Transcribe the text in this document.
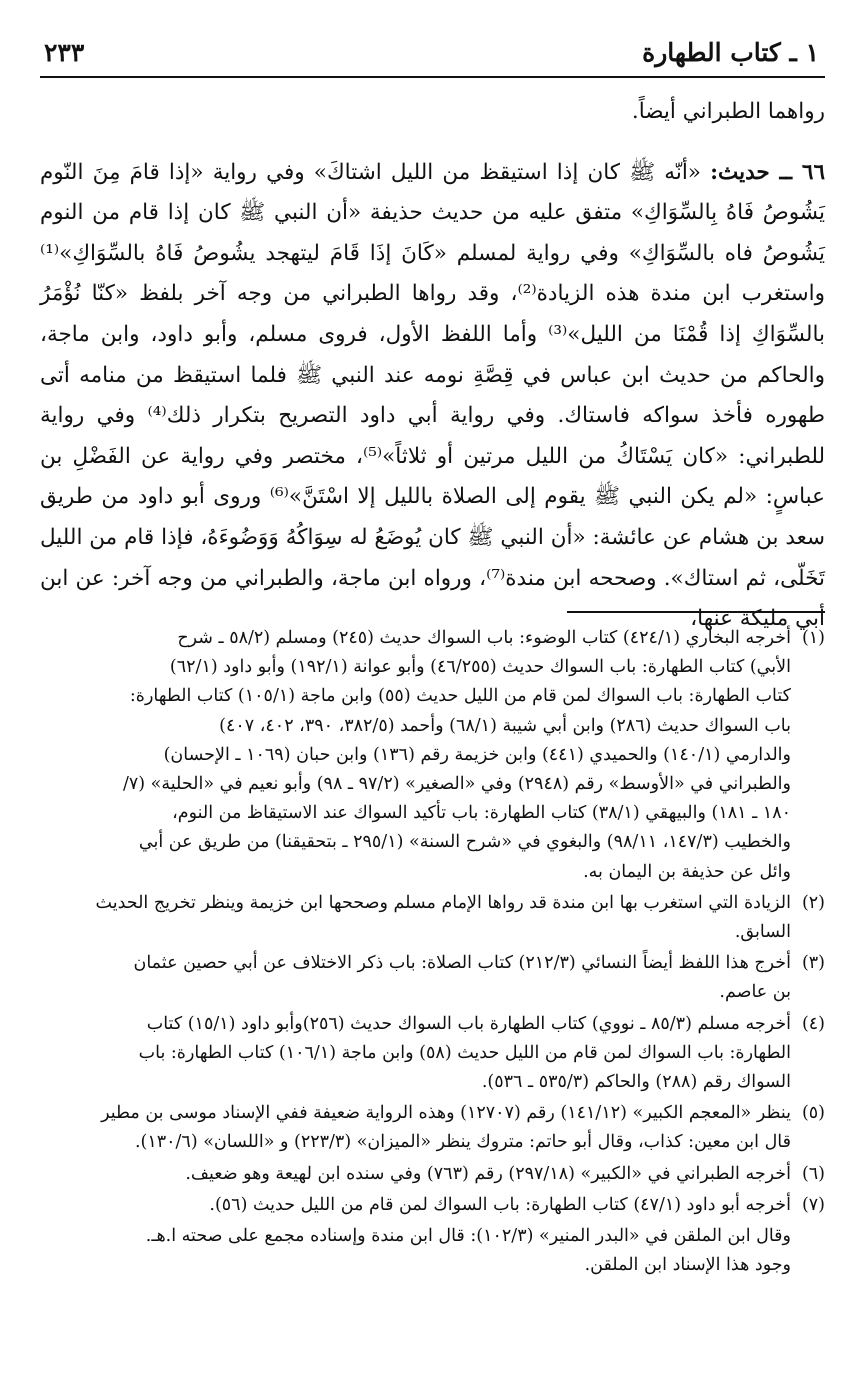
١ ـ كتاب الطهارة
٢٣٣

رواهما الطبراني أيضاً.

٦٦ ــ حديث: «أنّه ﷺ كان إذا استيقظ من الليل اشتاكَ» وفي رواية «إذا قامَ مِنَ النّوم يَشُوصُ فَاهُ بِالسِّوَاكِ» متفق عليه من حديث حذيفة «أن النبي ﷺ كان إذا قام من النوم يَشُوصُ فاه بالسِّوَاكِ» وفي رواية لمسلم «كَانَ إذَا قَامَ ليتهجد يشُوصُ فَاهُ بالسِّوَاكِ»⁽¹⁾ واستغرب ابن مندة هذه الزيادة⁽²⁾، وقد رواها الطبراني من وجه آخر بلفظ «كنّا نُؤْمَرُ بالسِّوَاكِ إذا قُمْنَا من الليل»⁽³⁾ وأما اللفظ الأول، فروى مسلم، وأبو داود، وابن ماجة، والحاكم من حديث ابن عباس في قِصَّةِ نومه عند النبي ﷺ فلما استيقظ من منامه أتى طهوره فأخذ سواكه فاستاك. وفي رواية أبي داود التصريح بتكرار ذلك⁽⁴⁾ وفي رواية للطبراني: «كان يَسْتَاكُ من الليل مرتين أو ثلاثاً»⁽⁵⁾، مختصر وفي رواية عن الفَضْلِ بن عباسٍ: «لم يكن النبي ﷺ يقوم إلى الصلاة بالليل إلا اسْتَنَّ»⁽⁶⁾ وروى أبو داود من طريق سعد بن هشام عن عائشة: «أن النبي ﷺ كان يُوضَعُ له سِوَاكُهُ وَوَضُوءَهُ، فإذا قام من الليل تَخَلّى، ثم استاك». وصححه ابن مندة⁽⁷⁾، ورواه ابن ماجة، والطبراني من وجه آخر: عن ابن أبي مليكة عنها،

(١)
أخرجه البخاري (٤٢٤/١) كتاب الوضوء: باب السواك حديث (٢٤٥) ومسلم (٥٨/٢ ـ شرح
الأبي) كتاب الطهارة: باب السواك حديث (٤٦/٢٥٥) وأبو عوانة (١٩٢/١) وأبو داود (٦٢/١)
كتاب الطهارة: باب السواك لمن قام من الليل حديث (٥٥) وابن ماجة (١٠٥/١) كتاب الطهارة:
باب السواك حديث (٢٨٦) وابن أبي شيبة (٦٨/١) وأحمد (٣٨٢/٥، ٣٩٠، ٤٠٢، ٤٠٧)
والدارمي (١٤٠/١) والحميدي (٤٤١) وابن خزيمة رقم (١٣٦) وابن حبان (١٠٦٩ ـ الإحسان)
والطبراني في «الأوسط» رقم (٢٩٤٨) وفي «الصغير» (٩٧/٢ ـ ٩٨) وأبو نعيم في «الحلية» (٧/
١٨٠ ـ ١٨١) والبيهقي (٣٨/١) كتاب الطهارة: باب تأكيد السواك عند الاستيقاظ من النوم،
والخطيب (١٤٧/٣، ٩٨/١١) والبغوي في «شرح السنة» (٢٩٥/١ ـ بتحقيقنا) من طريق عن أبي
وائل عن حذيفة بن اليمان به.
(٢)
الزيادة التي استغرب بها ابن مندة قد رواها الإمام مسلم وصححها ابن خزيمة وينظر تخريج الحديث
السابق.
(٣)
أخرج هذا اللفظ أيضاً النسائي (٢١٢/٣) كتاب الصلاة: باب ذكر الاختلاف عن أبي حصين عثمان
بن عاصم.
(٤)
أخرجه مسلم (٨٥/٣ ـ نووي) كتاب الطهارة باب السواك حديث (٢٥٦)وأبو داود (١٥/١) كتاب
الطهارة: باب السواك لمن قام من الليل حديث (٥٨) وابن ماجة (١٠٦/١) كتاب الطهارة: باب
السواك رقم (٢٨٨) والحاكم (٥٣٥/٣ ـ ٥٣٦).
(٥)
ينظر «المعجم الكبير» (١٤١/١٢) رقم (١٢٧٠٧) وهذه الرواية ضعيفة ففي الإسناد موسى بن مطير
قال ابن معين: كذاب، وقال أبو حاتم: متروك ينظر «الميزان» (٢٢٣/٣) و «اللسان» (١٣٠/٦).
(٦)
أخرجه الطبراني في «الكبير» (٢٩٧/١٨) رقم (٧٦٣) وفي سنده ابن لهيعة وهو ضعيف.
(٧)
أخرجه أبو داود (٤٧/١) كتاب الطهارة: باب السواك لمن قام من الليل حديث (٥٦).
وقال ابن الملقن في «البدر المنير» (١٠٢/٣): قال ابن مندة وإسناده مجمع على صحته ا.هـ.
وجود هذا الإسناد ابن الملقن.
